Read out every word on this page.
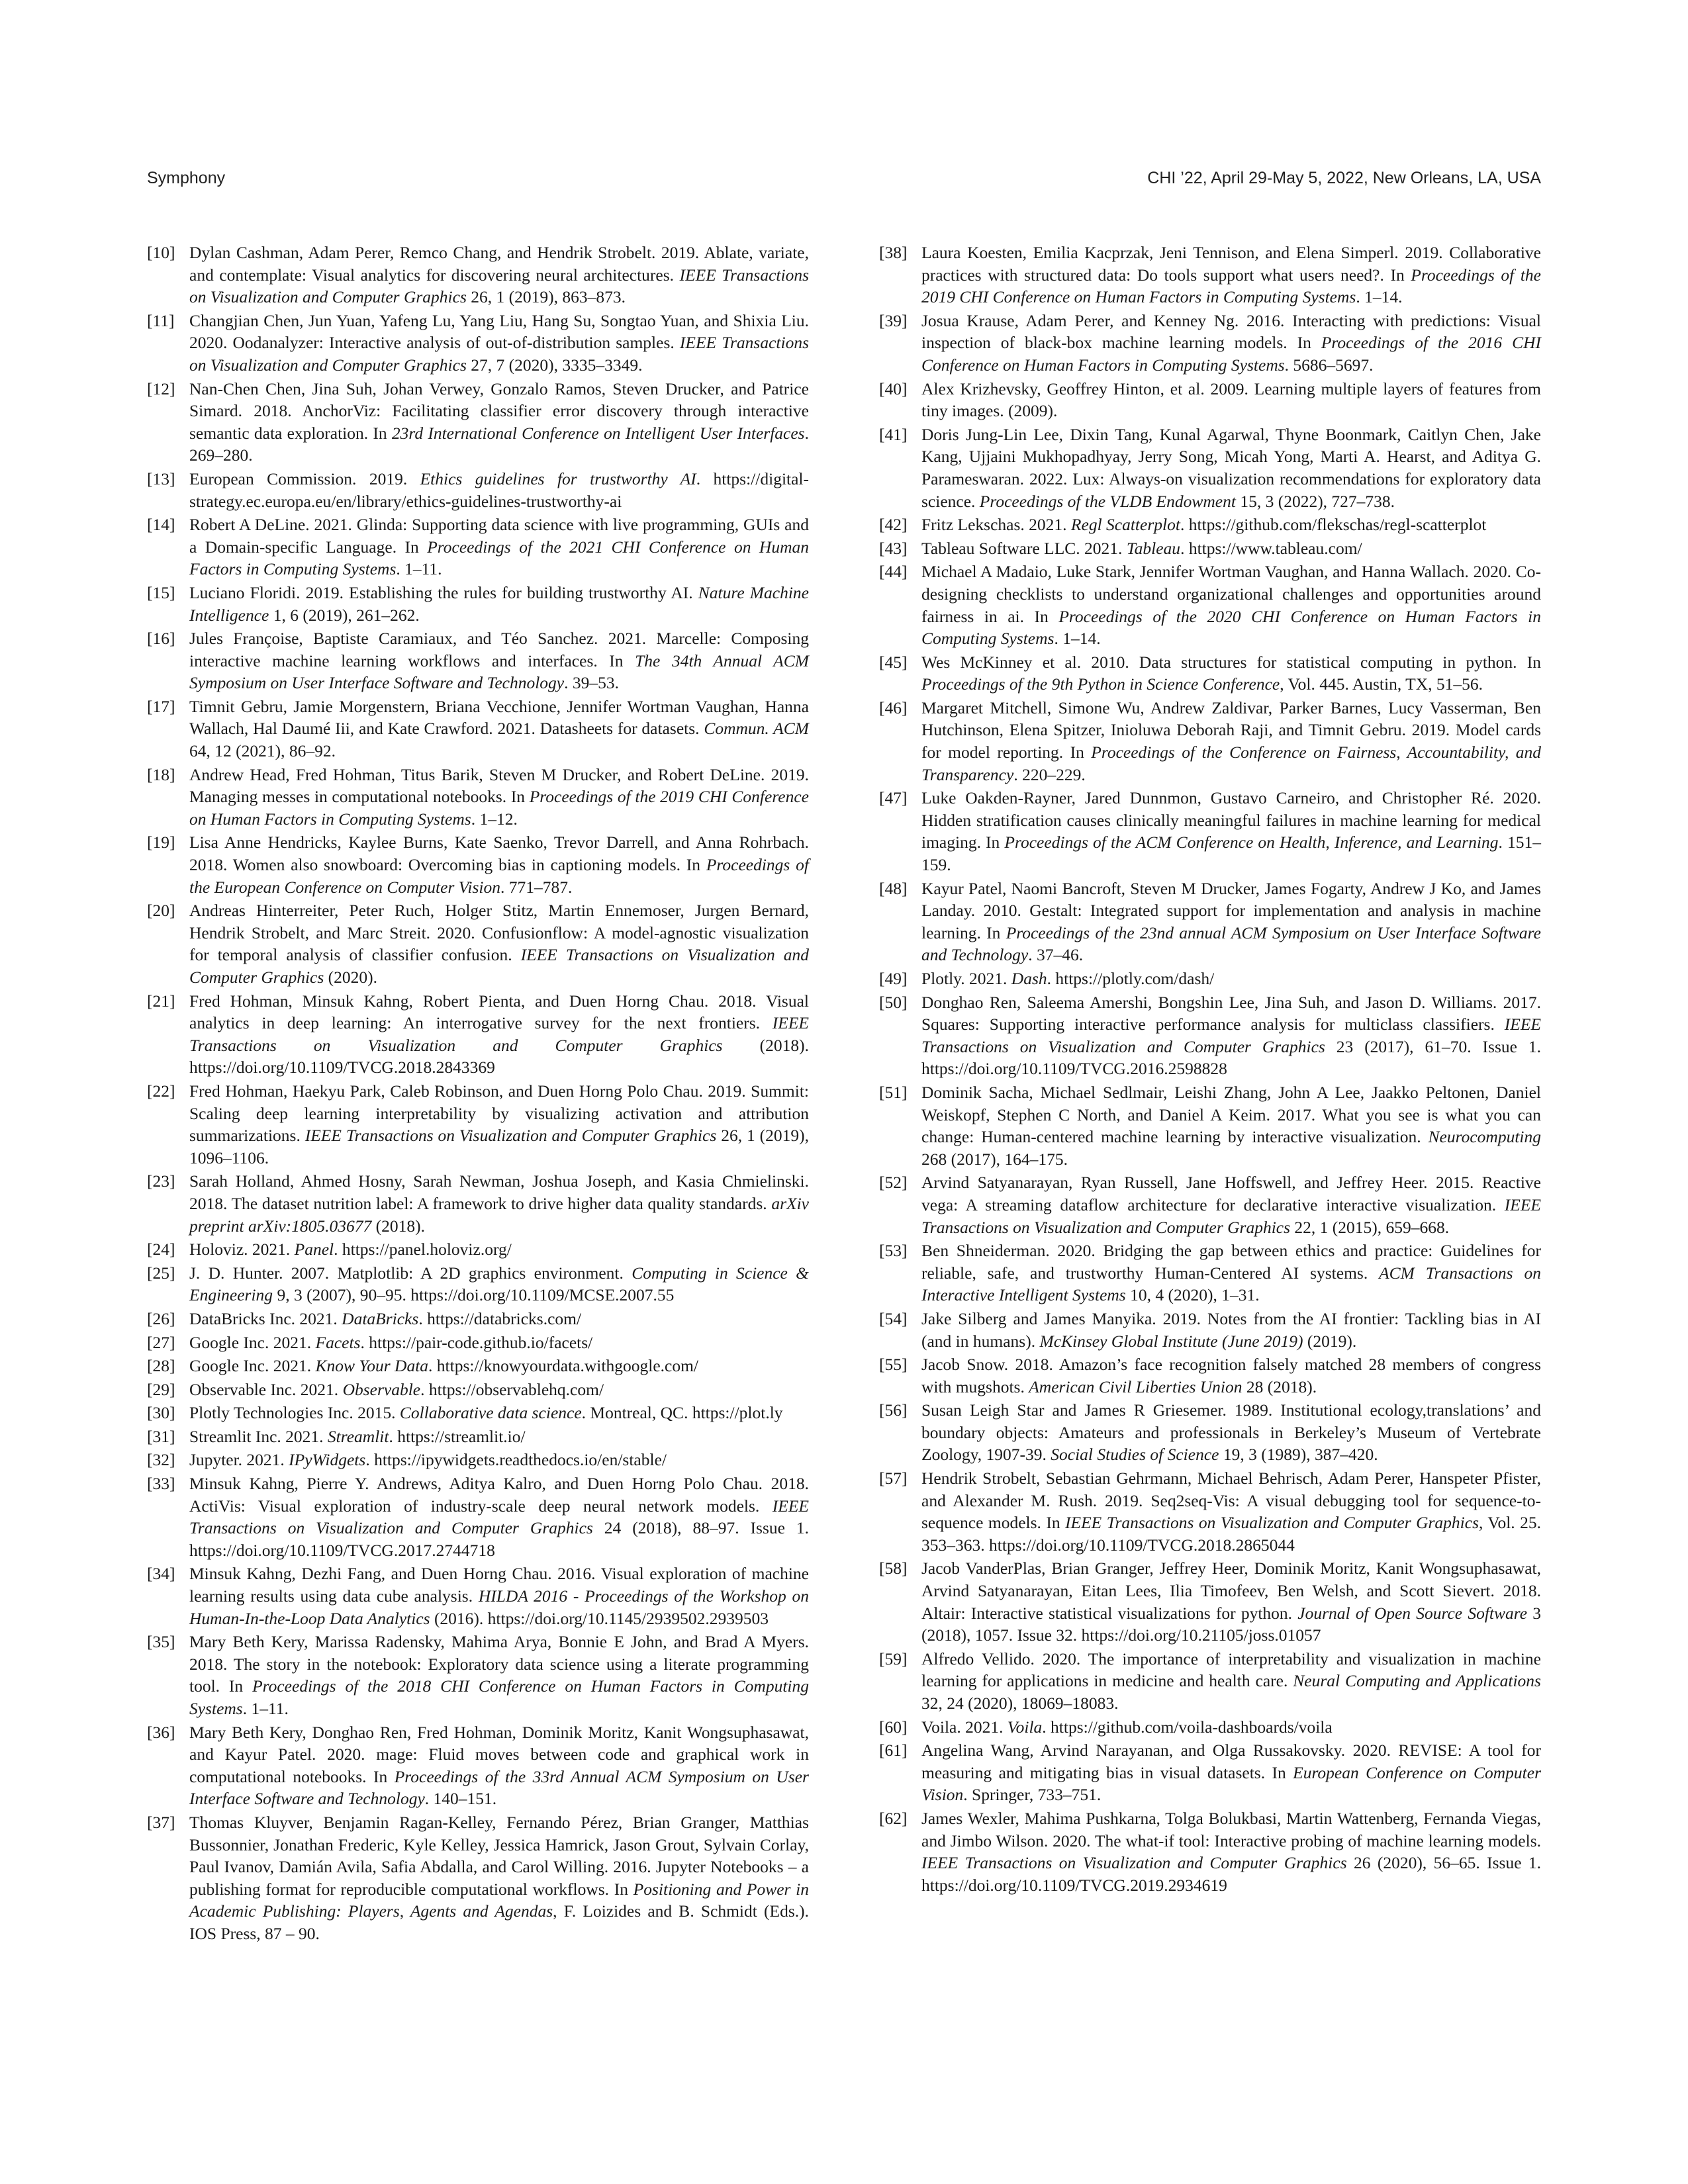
Symphony	CHI ’22, April 29-May 5, 2022, New Orleans, LA, USA
[10] Dylan Cashman, Adam Perer, Remco Chang, and Hendrik Strobelt. 2019. Ablate, variate, and contemplate: Visual analytics for discovering neural architectures. IEEE Transactions on Visualization and Computer Graphics 26, 1 (2019), 863–873.
[11] Changjian Chen, Jun Yuan, Yafeng Lu, Yang Liu, Hang Su, Songtao Yuan, and Shixia Liu. 2020. Oodanalyzer: Interactive analysis of out-of-distribution samples. IEEE Transactions on Visualization and Computer Graphics 27, 7 (2020), 3335–3349.
[12] Nan-Chen Chen, Jina Suh, Johan Verwey, Gonzalo Ramos, Steven Drucker, and Patrice Simard. 2018. AnchorViz: Facilitating classifier error discovery through interactive semantic data exploration. In 23rd International Conference on Intelligent User Interfaces. 269–280.
[13] European Commission. 2019. Ethics guidelines for trustworthy AI. https://digital-strategy.ec.europa.eu/en/library/ethics-guidelines-trustworthy-ai
[14] Robert A DeLine. 2021. Glinda: Supporting data science with live programming, GUIs and a Domain-specific Language. In Proceedings of the 2021 CHI Conference on Human Factors in Computing Systems. 1–11.
[15] Luciano Floridi. 2019. Establishing the rules for building trustworthy AI. Nature Machine Intelligence 1, 6 (2019), 261–262.
[16] Jules Françoise, Baptiste Caramiaux, and Téo Sanchez. 2021. Marcelle: Composing interactive machine learning workflows and interfaces. In The 34th Annual ACM Symposium on User Interface Software and Technology. 39–53.
[17] Timnit Gebru, Jamie Morgenstern, Briana Vecchione, Jennifer Wortman Vaughan, Hanna Wallach, Hal Daumé Iii, and Kate Crawford. 2021. Datasheets for datasets. Commun. ACM 64, 12 (2021), 86–92.
[18] Andrew Head, Fred Hohman, Titus Barik, Steven M Drucker, and Robert DeLine. 2019. Managing messes in computational notebooks. In Proceedings of the 2019 CHI Conference on Human Factors in Computing Systems. 1–12.
[19] Lisa Anne Hendricks, Kaylee Burns, Kate Saenko, Trevor Darrell, and Anna Rohrbach. 2018. Women also snowboard: Overcoming bias in captioning models. In Proceedings of the European Conference on Computer Vision. 771–787.
[20] Andreas Hinterreiter, Peter Ruch, Holger Stitz, Martin Ennemoser, Jurgen Bernard, Hendrik Strobelt, and Marc Streit. 2020. Confusionflow: A model-agnostic visualization for temporal analysis of classifier confusion. IEEE Transactions on Visualization and Computer Graphics (2020).
[21] Fred Hohman, Minsuk Kahng, Robert Pienta, and Duen Horng Chau. 2018. Visual analytics in deep learning: An interrogative survey for the next frontiers. IEEE Transactions on Visualization and Computer Graphics (2018). https://doi.org/10.1109/TVCG.2018.2843369
[22] Fred Hohman, Haekyu Park, Caleb Robinson, and Duen Horng Polo Chau. 2019. Summit: Scaling deep learning interpretability by visualizing activation and attribution summarizations. IEEE Transactions on Visualization and Computer Graphics 26, 1 (2019), 1096–1106.
[23] Sarah Holland, Ahmed Hosny, Sarah Newman, Joshua Joseph, and Kasia Chmielinski. 2018. The dataset nutrition label: A framework to drive higher data quality standards. arXiv preprint arXiv:1805.03677 (2018).
[24] Holoviz. 2021. Panel. https://panel.holoviz.org/
[25] J. D. Hunter. 2007. Matplotlib: A 2D graphics environment. Computing in Science & Engineering 9, 3 (2007), 90–95. https://doi.org/10.1109/MCSE.2007.55
[26] DataBricks Inc. 2021. DataBricks. https://databricks.com/
[27] Google Inc. 2021. Facets. https://pair-code.github.io/facets/
[28] Google Inc. 2021. Know Your Data. https://knowyourdata.withgoogle.com/
[29] Observable Inc. 2021. Observable. https://observablehq.com/
[30] Plotly Technologies Inc. 2015. Collaborative data science. Montreal, QC. https://plot.ly
[31] Streamlit Inc. 2021. Streamlit. https://streamlit.io/
[32] Jupyter. 2021. IPyWidgets. https://ipywidgets.readthedocs.io/en/stable/
[33] Minsuk Kahng, Pierre Y. Andrews, Aditya Kalro, and Duen Horng Polo Chau. 2018. ActiVis: Visual exploration of industry-scale deep neural network models. IEEE Transactions on Visualization and Computer Graphics 24 (2018), 88–97. Issue 1. https://doi.org/10.1109/TVCG.2017.2744718
[34] Minsuk Kahng, Dezhi Fang, and Duen Horng Chau. 2016. Visual exploration of machine learning results using data cube analysis. HILDA 2016 - Proceedings of the Workshop on Human-In-the-Loop Data Analytics (2016). https://doi.org/10.1145/2939502.2939503
[35] Mary Beth Kery, Marissa Radensky, Mahima Arya, Bonnie E John, and Brad A Myers. 2018. The story in the notebook: Exploratory data science using a literate programming tool. In Proceedings of the 2018 CHI Conference on Human Factors in Computing Systems. 1–11.
[36] Mary Beth Kery, Donghao Ren, Fred Hohman, Dominik Moritz, Kanit Wongsuphasawat, and Kayur Patel. 2020. mage: Fluid moves between code and graphical work in computational notebooks. In Proceedings of the 33rd Annual ACM Symposium on User Interface Software and Technology. 140–151.
[37] Thomas Kluyver, Benjamin Ragan-Kelley, Fernando Pérez, Brian Granger, Matthias Bussonnier, Jonathan Frederic, Kyle Kelley, Jessica Hamrick, Jason Grout, Sylvain Corlay, Paul Ivanov, Damián Avila, Safia Abdalla, and Carol Willing. 2016. Jupyter Notebooks – a publishing format for reproducible computational workflows. In Positioning and Power in Academic Publishing: Players, Agents and Agendas, F. Loizides and B. Schmidt (Eds.). IOS Press, 87 – 90.
[38] Laura Koesten, Emilia Kacprzak, Jeni Tennison, and Elena Simperl. 2019. Collaborative practices with structured data: Do tools support what users need?. In Proceedings of the 2019 CHI Conference on Human Factors in Computing Systems. 1–14.
[39] Josua Krause, Adam Perer, and Kenney Ng. 2016. Interacting with predictions: Visual inspection of black-box machine learning models. In Proceedings of the 2016 CHI Conference on Human Factors in Computing Systems. 5686–5697.
[40] Alex Krizhevsky, Geoffrey Hinton, et al. 2009. Learning multiple layers of features from tiny images. (2009).
[41] Doris Jung-Lin Lee, Dixin Tang, Kunal Agarwal, Thyne Boonmark, Caitlyn Chen, Jake Kang, Ujjaini Mukhopadhyay, Jerry Song, Micah Yong, Marti A. Hearst, and Aditya G. Parameswaran. 2022. Lux: Always-on visualization recommendations for exploratory data science. Proceedings of the VLDB Endowment 15, 3 (2022), 727–738.
[42] Fritz Lekschas. 2021. Regl Scatterplot. https://github.com/flekschas/regl-scatterplot
[43] Tableau Software LLC. 2021. Tableau. https://www.tableau.com/
[44] Michael A Madaio, Luke Stark, Jennifer Wortman Vaughan, and Hanna Wallach. 2020. Co-designing checklists to understand organizational challenges and opportunities around fairness in ai. In Proceedings of the 2020 CHI Conference on Human Factors in Computing Systems. 1–14.
[45] Wes McKinney et al. 2010. Data structures for statistical computing in python. In Proceedings of the 9th Python in Science Conference, Vol. 445. Austin, TX, 51–56.
[46] Margaret Mitchell, Simone Wu, Andrew Zaldivar, Parker Barnes, Lucy Vasserman, Ben Hutchinson, Elena Spitzer, Inioluwa Deborah Raji, and Timnit Gebru. 2019. Model cards for model reporting. In Proceedings of the Conference on Fairness, Accountability, and Transparency. 220–229.
[47] Luke Oakden-Rayner, Jared Dunnmon, Gustavo Carneiro, and Christopher Ré. 2020. Hidden stratification causes clinically meaningful failures in machine learning for medical imaging. In Proceedings of the ACM Conference on Health, Inference, and Learning. 151–159.
[48] Kayur Patel, Naomi Bancroft, Steven M Drucker, James Fogarty, Andrew J Ko, and James Landay. 2010. Gestalt: Integrated support for implementation and analysis in machine learning. In Proceedings of the 23nd annual ACM Symposium on User Interface Software and Technology. 37–46.
[49] Plotly. 2021. Dash. https://plotly.com/dash/
[50] Donghao Ren, Saleema Amershi, Bongshin Lee, Jina Suh, and Jason D. Williams. 2017. Squares: Supporting interactive performance analysis for multiclass classifiers. IEEE Transactions on Visualization and Computer Graphics 23 (2017), 61–70. Issue 1. https://doi.org/10.1109/TVCG.2016.2598828
[51] Dominik Sacha, Michael Sedlmair, Leishi Zhang, John A Lee, Jaakko Peltonen, Daniel Weiskopf, Stephen C North, and Daniel A Keim. 2017. What you see is what you can change: Human-centered machine learning by interactive visualization. Neurocomputing 268 (2017), 164–175.
[52] Arvind Satyanarayan, Ryan Russell, Jane Hoffswell, and Jeffrey Heer. 2015. Reactive vega: A streaming dataflow architecture for declarative interactive visualization. IEEE Transactions on Visualization and Computer Graphics 22, 1 (2015), 659–668.
[53] Ben Shneiderman. 2020. Bridging the gap between ethics and practice: Guidelines for reliable, safe, and trustworthy Human-Centered AI systems. ACM Transactions on Interactive Intelligent Systems 10, 4 (2020), 1–31.
[54] Jake Silberg and James Manyika. 2019. Notes from the AI frontier: Tackling bias in AI (and in humans). McKinsey Global Institute (June 2019) (2019).
[55] Jacob Snow. 2018. Amazon’s face recognition falsely matched 28 members of congress with mugshots. American Civil Liberties Union 28 (2018).
[56] Susan Leigh Star and James R Griesemer. 1989. Institutional ecology,translations’ and boundary objects: Amateurs and professionals in Berkeley’s Museum of Vertebrate Zoology, 1907-39. Social Studies of Science 19, 3 (1989), 387–420.
[57] Hendrik Strobelt, Sebastian Gehrmann, Michael Behrisch, Adam Perer, Hanspeter Pfister, and Alexander M. Rush. 2019. Seq2seq-Vis: A visual debugging tool for sequence-to-sequence models. In IEEE Transactions on Visualization and Computer Graphics, Vol. 25. 353–363. https://doi.org/10.1109/TVCG.2018.2865044
[58] Jacob VanderPlas, Brian Granger, Jeffrey Heer, Dominik Moritz, Kanit Wongsuphasawat, Arvind Satyanarayan, Eitan Lees, Ilia Timofeev, Ben Welsh, and Scott Sievert. 2018. Altair: Interactive statistical visualizations for python. Journal of Open Source Software 3 (2018), 1057. Issue 32. https://doi.org/10.21105/joss.01057
[59] Alfredo Vellido. 2020. The importance of interpretability and visualization in machine learning for applications in medicine and health care. Neural Computing and Applications 32, 24 (2020), 18069–18083.
[60] Voila. 2021. Voila. https://github.com/voila-dashboards/voila
[61] Angelina Wang, Arvind Narayanan, and Olga Russakovsky. 2020. REVISE: A tool for measuring and mitigating bias in visual datasets. In European Conference on Computer Vision. Springer, 733–751.
[62] James Wexler, Mahima Pushkarna, Tolga Bolukbasi, Martin Wattenberg, Fernanda Viegas, and Jimbo Wilson. 2020. The what-if tool: Interactive probing of machine learning models. IEEE Transactions on Visualization and Computer Graphics 26 (2020), 56–65. Issue 1. https://doi.org/10.1109/TVCG.2019.2934619
